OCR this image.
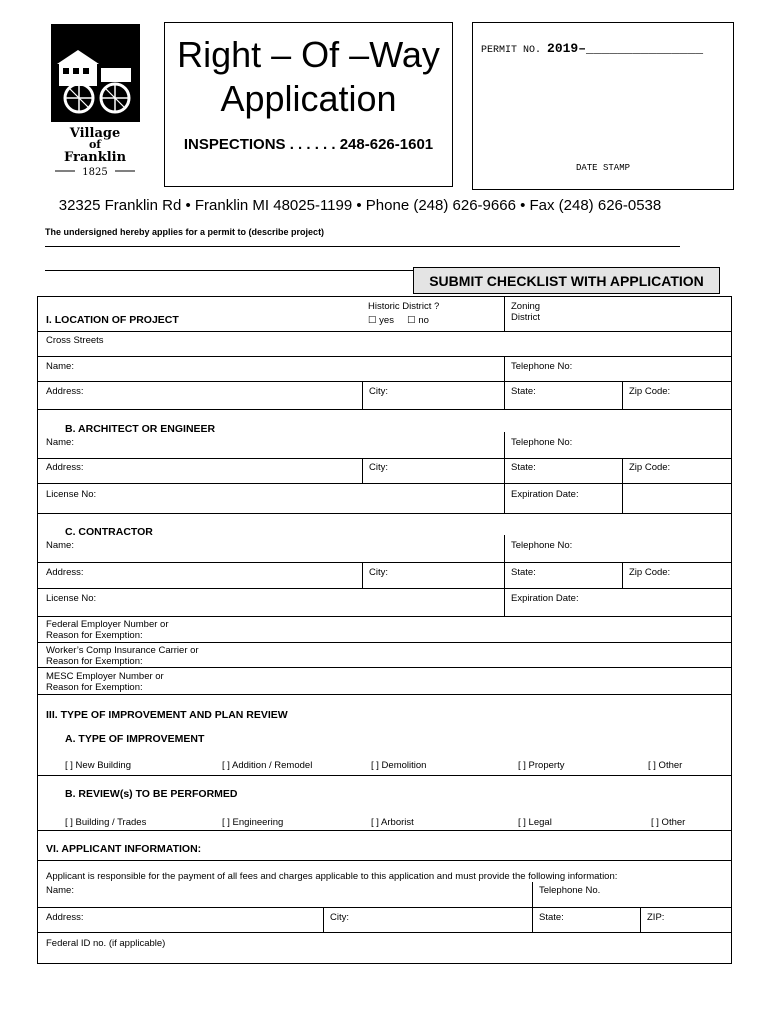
Village
of
Franklin
1825
Right – Of –Way
Application
INSPECTIONS . . . . . . 248-626-1601
PERMIT NO. 2019–_______________
DATE STAMP
32325 Franklin Rd • Franklin MI 48025-1199 • Phone (248) 626-9666 • Fax (248) 626-0538
The undersigned hereby applies for a permit to (describe project)
SUBMIT CHECKLIST WITH APPLICATION
I. LOCATION OF PROJECT
Historic District ?
☐ yes ☐ no
Zoning
District
Cross Streets
Name:	Telephone No:
Address:	City:	State:	Zip Code:
B. ARCHITECT OR ENGINEER
Name:	Telephone No:
Address:	City:	State:	Zip Code:
License No:	Expiration Date:
C. CONTRACTOR
Name:	Telephone No:
Address:	City:	State:	Zip Code:
License No:	Expiration Date:
Federal Employer Number or
Reason for Exemption:
Worker’s Comp Insurance Carrier or
Reason for Exemption:
MESC Employer Number or
Reason for Exemption:
III. TYPE OF IMPROVEMENT AND PLAN REVIEW
A. TYPE OF IMPROVEMENT
[ ] New Building	[ ] Addition / Remodel	[ ] Demolition	[ ] Property	[ ] Other
B. REVIEW(s) TO BE PERFORMED
[ ] Building / Trades	[ ] Engineering	[ ] Arborist	[ ] Legal	[ ] Other
VI. APPLICANT INFORMATION:
Applicant is responsible for the payment of all fees and charges applicable to this application and must provide the following information:
Name:	Telephone No.
Address:	City:	State:	ZIP:
Federal ID no. (if applicable)
